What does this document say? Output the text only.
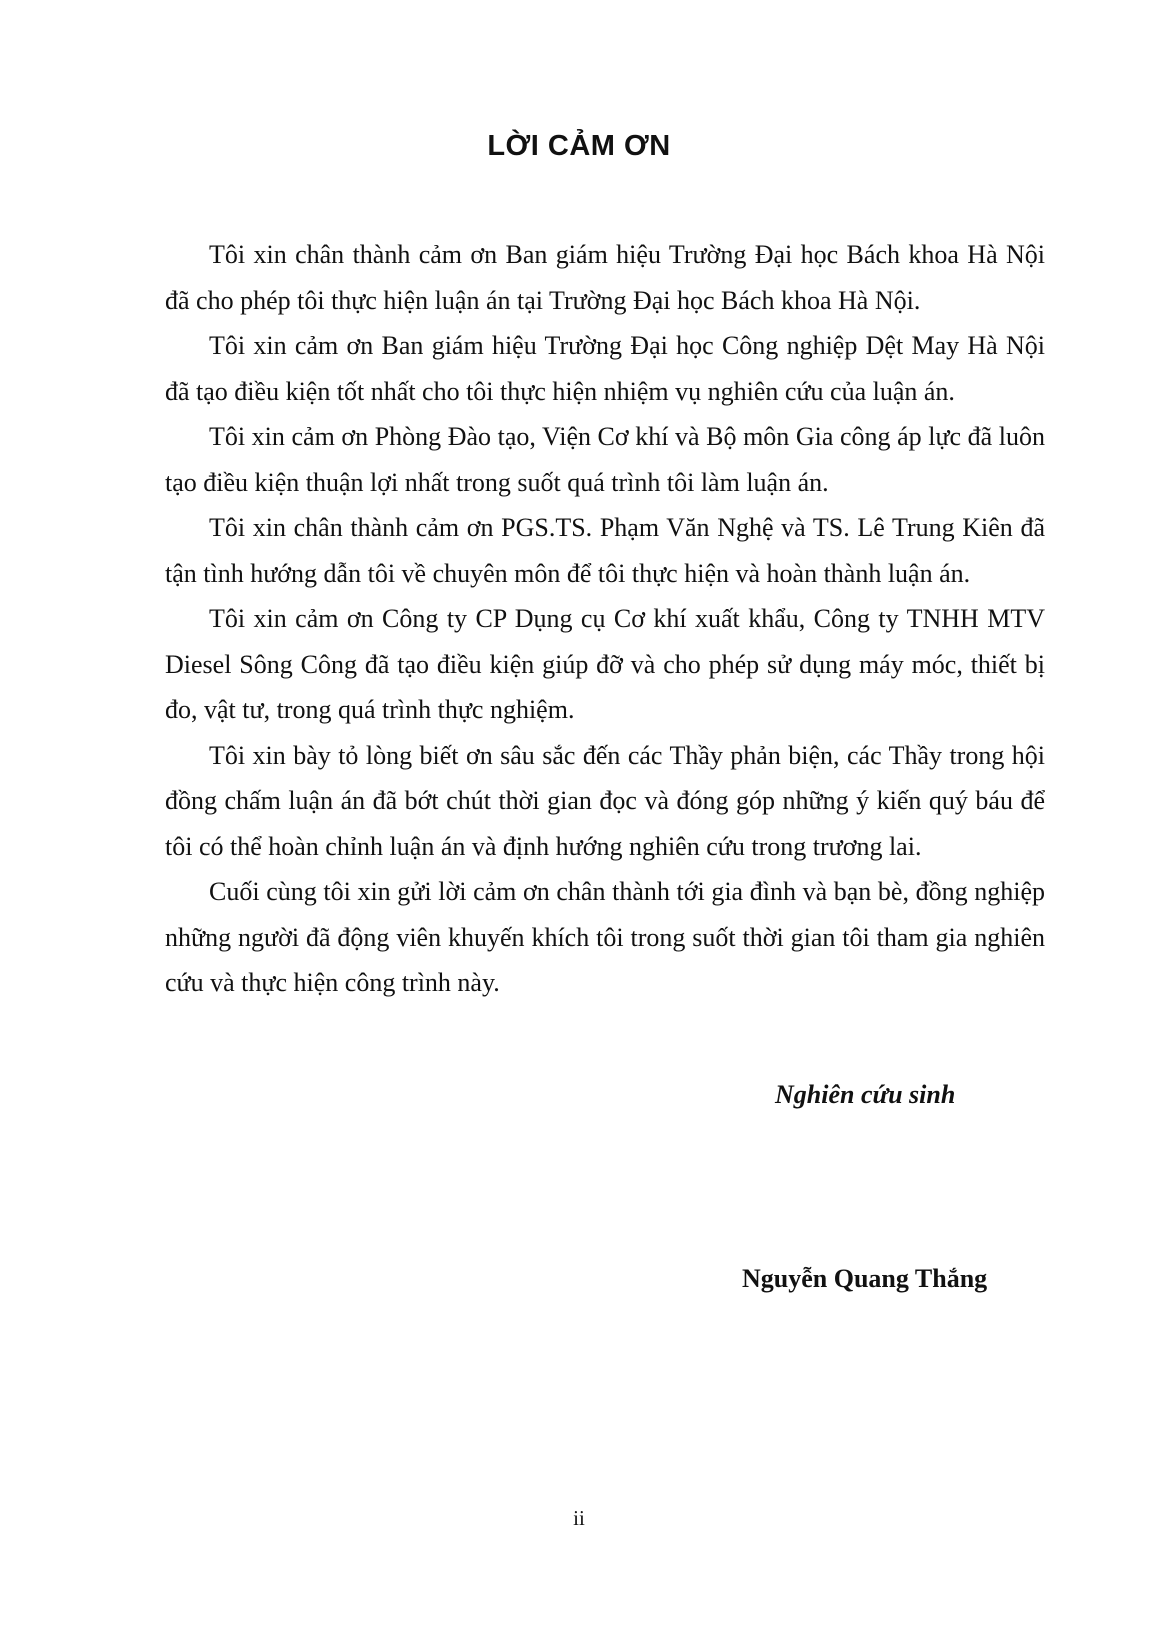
LỜI CẢM ƠN

Tôi xin chân thành cảm ơn Ban giám hiệu Trường Đại học Bách khoa Hà Nội đã cho phép tôi thực hiện luận án tại Trường Đại học Bách khoa Hà Nội.

Tôi xin cảm ơn Ban giám hiệu Trường Đại học Công nghiệp Dệt May Hà Nội đã tạo điều kiện tốt nhất cho tôi thực hiện nhiệm vụ nghiên cứu của luận án.

Tôi xin cảm ơn Phòng Đào tạo, Viện Cơ khí và Bộ môn Gia công áp lực đã luôn tạo điều kiện thuận lợi nhất trong suốt quá trình tôi làm luận án.

Tôi xin chân thành cảm ơn PGS.TS. Phạm Văn Nghệ và TS. Lê Trung Kiên đã tận tình hướng dẫn tôi về chuyên môn để tôi thực hiện và hoàn thành luận án.

Tôi xin cảm ơn Công ty CP Dụng cụ Cơ khí xuất khẩu, Công ty TNHH MTV Diesel Sông Công đã tạo điều kiện giúp đỡ và cho phép sử dụng máy móc, thiết bị đo, vật tư, trong quá trình thực nghiệm.

Tôi xin bày tỏ lòng biết ơn sâu sắc đến các Thầy phản biện, các Thầy trong hội đồng chấm luận án đã bớt chút thời gian đọc và đóng góp những ý kiến quý báu để tôi có thể hoàn chỉnh luận án và định hướng nghiên cứu trong trương lai.

Cuối cùng tôi xin gửi lời cảm ơn chân thành tới gia đình và bạn bè, đồng nghiệp những người đã động viên khuyến khích tôi trong suốt thời gian tôi tham gia nghiên cứu và thực hiện công trình này.

Nghiên cứu sinh
Nguyễn Quang Thắng
ii
